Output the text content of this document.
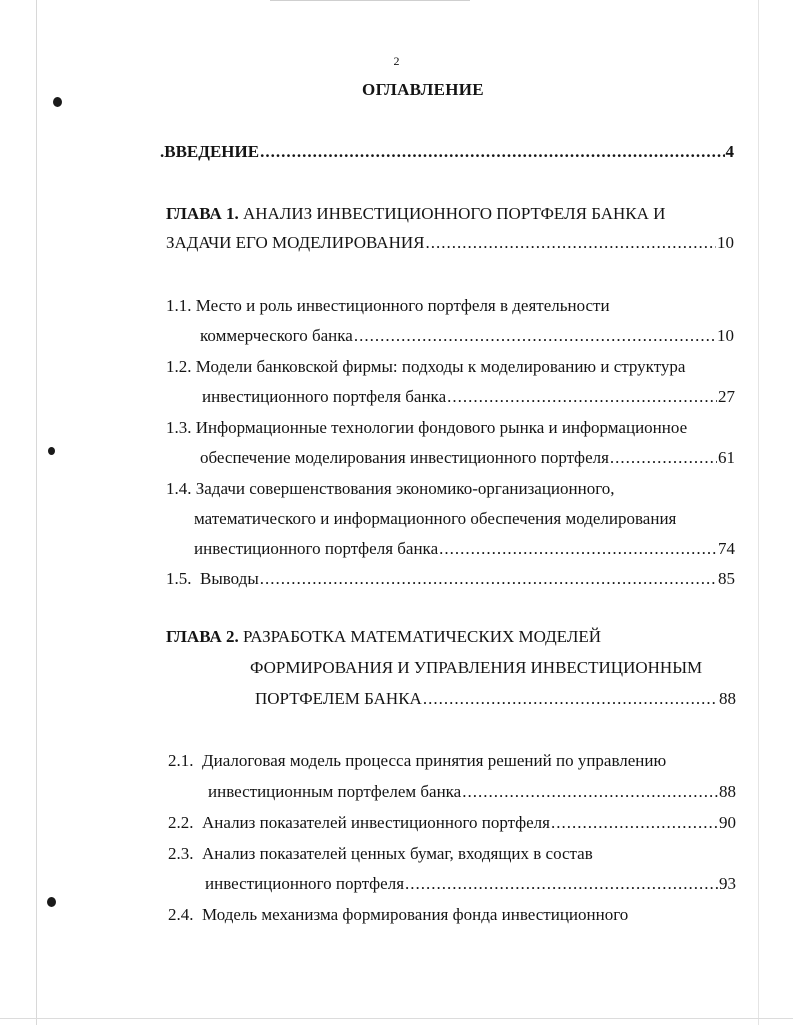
2
ОГЛАВЛЕНИЕ
.ВВЕДЕНИЕ .....	4
ГЛАВА 1. АНАЛИЗ ИНВЕСТИЦИОННОГО ПОРТФЕЛЯ БАНКА И
ЗАДАЧИ ЕГО МОДЕЛИРОВАНИЯ .....	10
1.1. Место и роль инвестиционного портфеля в деятельности
коммерческого банка .....	10
1.2. Модели банковской фирмы: подходы к моделированию и структура
инвестиционного портфеля банка .....	27
1.3. Информационные технологии фондового рынка и информационное
обеспечение моделирования инвестиционного портфеля .....	61
1.4. Задачи совершенствования экономико-организационного,
математического и информационного обеспечения моделирования
инвестиционного портфеля банка .....	74
1.5. Выводы .....	85
ГЛАВА 2. РАЗРАБОТКА МАТЕМАТИЧЕСКИХ МОДЕЛЕЙ
ФОРМИРОВАНИЯ И УПРАВЛЕНИЯ ИНВЕСТИЦИОННЫМ
ПОРТФЕЛЕМ БАНКА .....	88
2.1.  Диалоговая модель процесса принятия решений по управлению
инвестиционным портфелем банка .....	88
2.2. Анализ показателей инвестиционного портфеля .....	90
2.3.  Анализ показателей ценных бумаг, входящих в состав
инвестиционного портфеля .....	93
2.4.  Модель механизма формирования фонда инвестиционного
